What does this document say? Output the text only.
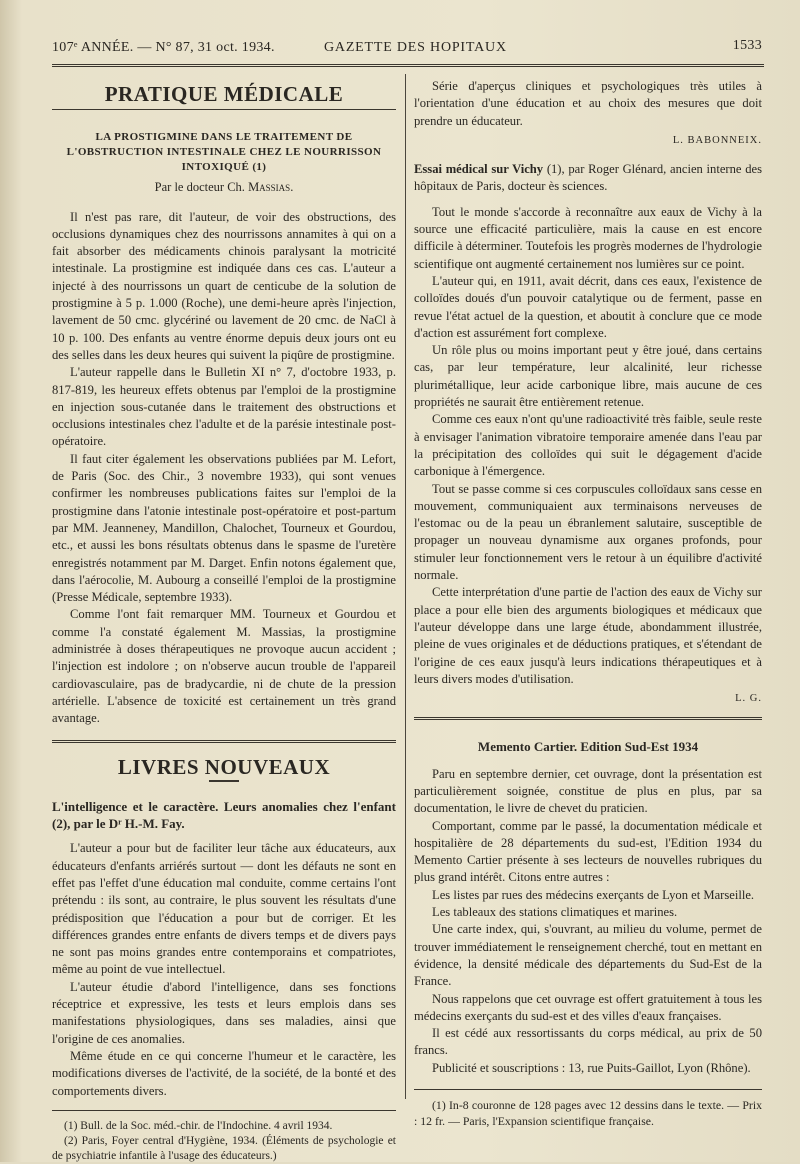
107ᵉ ANNÉE. — N° 87, 31 oct. 1934.	GAZETTE DES HOPITAUX	1533
PRATIQUE MÉDICALE
LA PROSTIGMINE DANS LE TRAITEMENT DE L'OBSTRUCTION INTESTINALE CHEZ LE NOURRISSON INTOXIQUÉ (1)
Par le docteur Ch. Massias.

Il n'est pas rare, dit l'auteur, de voir des obstructions, des occlusions dynamiques chez des nourrissons annamites à qui on a fait absorber des médicaments chinois paralysant la motricité intestinale. La prostigmine est indiquée dans ces cas. L'auteur a injecté à des nourrissons un quart de centicube de la solution de prostigmine à 5 p. 1.000 (Roche), une demi-heure après l'injection, lavement de 50 cmc. glycériné ou lavement de 20 cmc. de NaCl à 10 p. 100. Des enfants au ventre énorme depuis deux jours ont eu des selles dans les deux heures qui suivent la piqûre de prostigmine.

L'auteur rappelle dans le Bulletin XI n° 7, d'octobre 1933, p. 817-819, les heureux effets obtenus par l'emploi de la prostigmine en injection sous-cutanée dans le traitement des obstructions et occlusions intestinales chez l'adulte et de la parésie intestinale post-opératoire.

Il faut citer également les observations publiées par M. Lefort, de Paris (Soc. des Chir., 3 novembre 1933), qui sont venues confirmer les nombreuses publications faites sur l'emploi de la prostigmine dans l'atonie intestinale post-opératoire et post-partum par MM. Jeanneney, Mandillon, Chalochet, Tourneux et Gourdou, etc., et aussi les bons résultats obtenus dans le spasme de l'uretère enregistrés notamment par M. Darget. Enfin notons également que, dans l'aérocolie, M. Aubourg a conseillé l'emploi de la prostigmine (Presse Médicale, septembre 1933).

Comme l'ont fait remarquer MM. Tourneux et Gourdou et comme l'a constaté également M. Massias, la prostigmine administrée à doses thérapeutiques ne provoque aucun accident ; l'injection est indolore ; on n'observe aucun trouble de l'appareil cardiovasculaire, pas de bradycardie, ni de chute de la pression artérielle. L'absence de toxicité est certainement un très grand avantage.

LIVRES NOUVEAUX

L'intelligence et le caractère. Leurs anomalies chez l'enfant (2), par le Dʳ H.-M. Fay.

L'auteur a pour but de faciliter leur tâche aux éducateurs, aux éducateurs d'enfants arriérés surtout — dont les défauts ne sont en effet pas l'effet d'une éducation mal conduite, comme certains l'ont prétendu : ils sont, au contraire, le plus souvent les résultats d'une prédisposition que l'éducation a pour but de corriger. Et les différences grandes entre enfants de divers temps et de divers pays ne sont pas moins grandes entre contemporains et compatriotes, même au point de vue intellectuel.

L'auteur étudie d'abord l'intelligence, dans ses fonctions réceptrice et expressive, les tests et leurs emplois dans ses manifestations physiologiques, dans ses maladies, ainsi que l'origine de ces anomalies.

Même étude en ce qui concerne l'humeur et le caractère, les modifications diverses de l'activité, de la société, de la bonté et des comportements divers.

(1) Bull. de la Soc. méd.-chir. de l'Indochine. 4 avril 1934.

(2) Paris, Foyer central d'Hygiène, 1934. (Éléments de psychologie et de psychiatrie infantile à l'usage des éducateurs.)

Série d'aperçus cliniques et psychologiques très utiles à l'orientation d'une éducation et au choix des mesures que doit prendre un éducateur.

L. BABONNEIX.

Essai médical sur Vichy (1), par Roger Glénard, ancien interne des hôpitaux de Paris, docteur ès sciences.

Tout le monde s'accorde à reconnaître aux eaux de Vichy à la source une efficacité particulière, mais la cause en est encore difficile à déterminer. Toutefois les progrès modernes de l'hydrologie scientifique ont augmenté certainement nos lumières sur ce point.

L'auteur qui, en 1911, avait décrit, dans ces eaux, l'existence de colloïdes doués d'un pouvoir catalytique ou de ferment, passe en revue l'état actuel de la question, et aboutit à conclure que ce mode d'action est assurément fort complexe.

Un rôle plus ou moins important peut y être joué, dans certains cas, par leur température, leur alcalinité, leur richesse plurimétallique, leur acide carbonique libre, mais aucune de ces propriétés ne saurait être entièrement retenue.

Comme ces eaux n'ont qu'une radioactivité très faible, seule reste à envisager l'animation vibratoire temporaire amenée dans l'eau par la précipitation des colloïdes qui suit le dégagement d'acide carbonique à l'émergence.

Tout se passe comme si ces corpuscules colloïdaux sans cesse en mouvement, communiquaient aux terminaisons nerveuses de l'estomac ou de la peau un ébranlement salutaire, susceptible de propager un nouveau dynamisme aux organes profonds, pour stimuler leur fonctionnement vers le retour à un équilibre d'activité normale.

Cette interprétation d'une partie de l'action des eaux de Vichy sur place a pour elle bien des arguments biologiques et médicaux que l'auteur développe dans une large étude, abondamment illustrée, pleine de vues originales et de déductions pratiques, et s'étendant de l'origine de ces eaux jusqu'à leurs indications thérapeutiques et à leurs divers modes d'utilisation.

L. G.
Memento Cartier. Edition Sud-Est 1934

Paru en septembre dernier, cet ouvrage, dont la présentation est particulièrement soignée, constitue de plus en plus, par sa documentation, le livre de chevet du praticien.

Comportant, comme par le passé, la documentation médicale et hospitalière de 28 départements du sud-est, l'Edition 1934 du Memento Cartier présente à ses lecteurs de nouvelles rubriques du plus grand intérêt. Citons entre autres :

Les listes par rues des médecins exerçants de Lyon et Marseille.

Les tableaux des stations climatiques et marines.

Une carte index, qui, s'ouvrant, au milieu du volume, permet de trouver immédiatement le renseignement cherché, tout en mettant en évidence, la densité médicale des départements du Sud-Est de la France.

Nous rappelons que cet ouvrage est offert gratuitement à tous les médecins exerçants du sud-est et des villes d'eaux françaises.

Il est cédé aux ressortissants du corps médical, au prix de 50 francs.

Publicité et souscriptions : 13, rue Puits-Gaillot, Lyon (Rhône).

(1) In-8 couronne de 128 pages avec 12 dessins dans le texte. — Prix : 12 fr. — Paris, l'Expansion scientifique française.
